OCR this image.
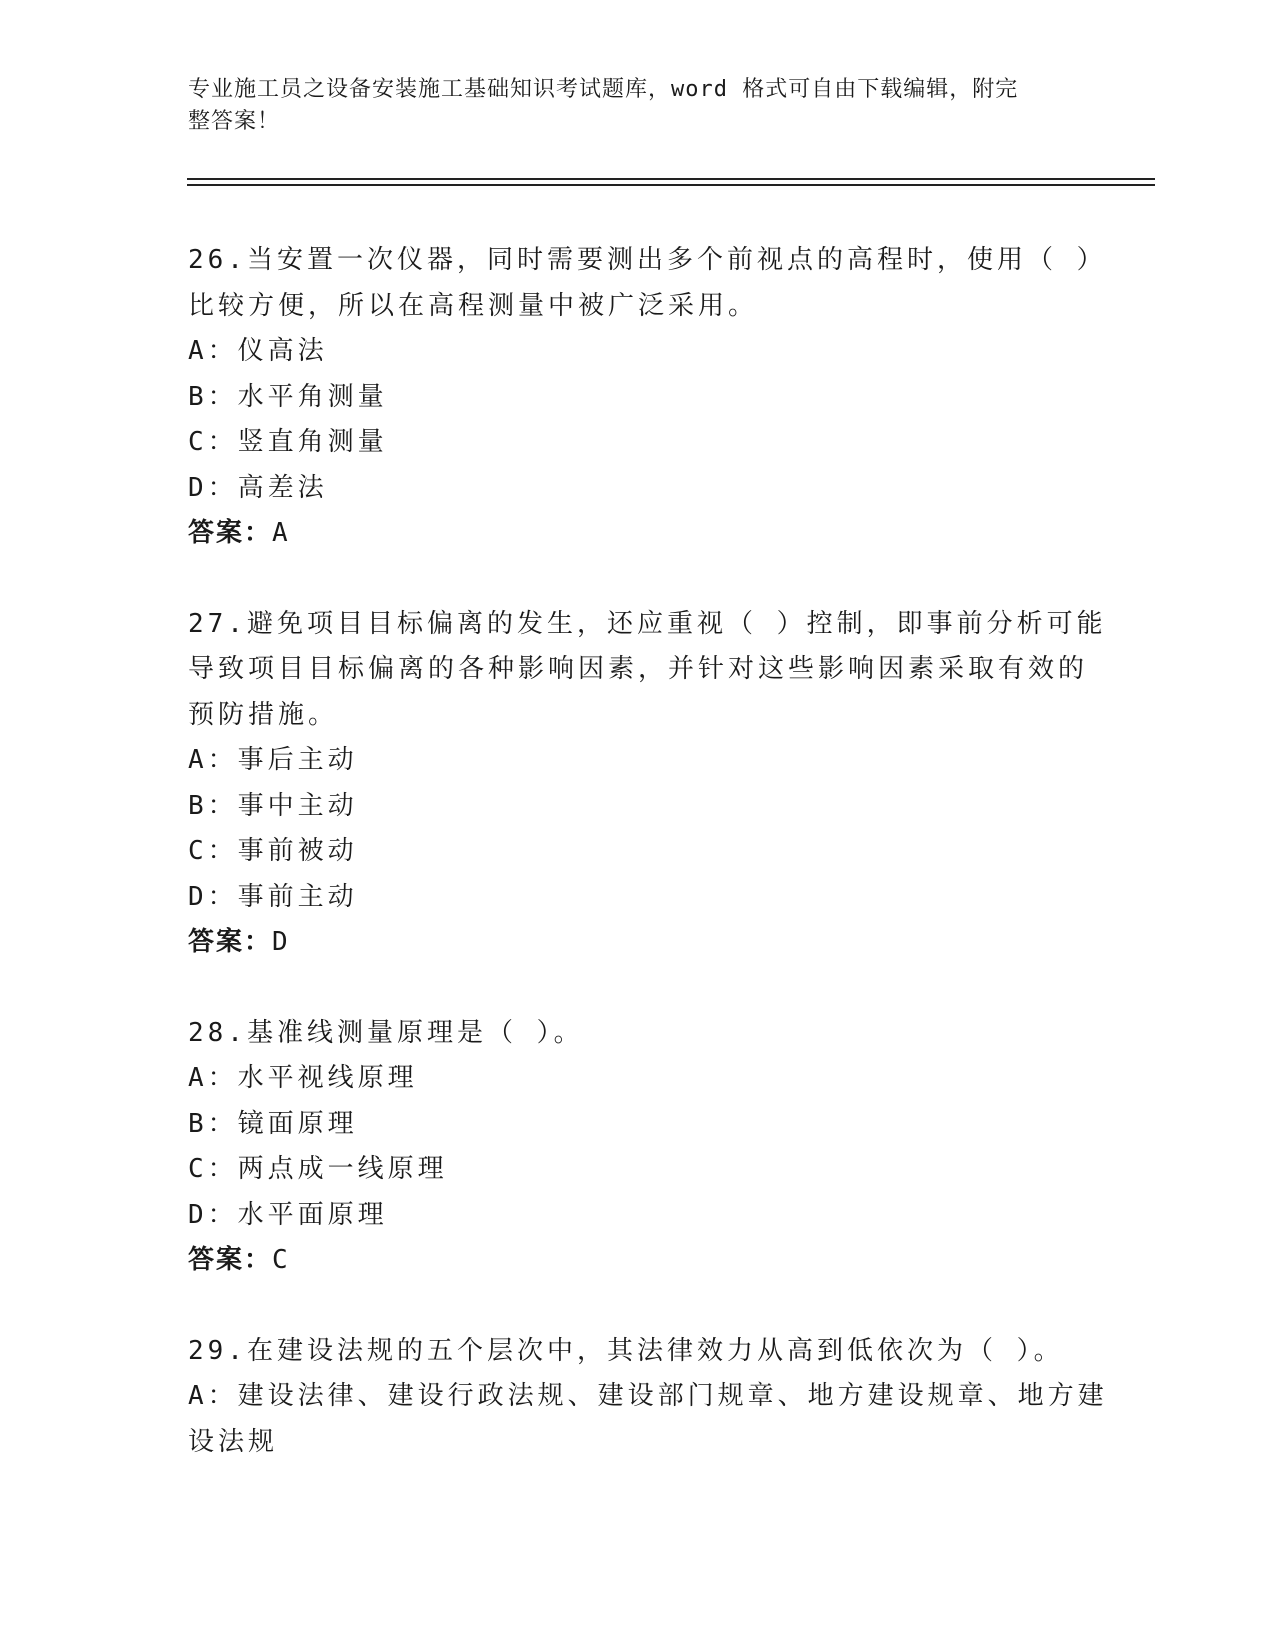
专业施工员之设备安装施工基础知识考试题库，word 格式可自由下载编辑，附完
整答案！

26.当安置一次仪器，同时需要测出多个前视点的高程时，使用（ ）

比较方便，所以在高程测量中被广泛采用。

A：仪高法

B：水平角测量

C：竖直角测量

D：高差法

答案：A

27.避免项目目标偏离的发生，还应重视（ ）控制，即事前分析可能

导致项目目标偏离的各种影响因素，并针对这些影响因素采取有效的

预防措施。

A：事后主动

B：事中主动

C：事前被动

D：事前主动

答案：D

28.基准线测量原理是（ ）。

A：水平视线原理

B：镜面原理

C：两点成一线原理

D：水平面原理

答案：C

29.在建设法规的五个层次中，其法律效力从高到低依次为（ ）。

A：建设法律、建设行政法规、建设部门规章、地方建设规章、地方建

设法规
